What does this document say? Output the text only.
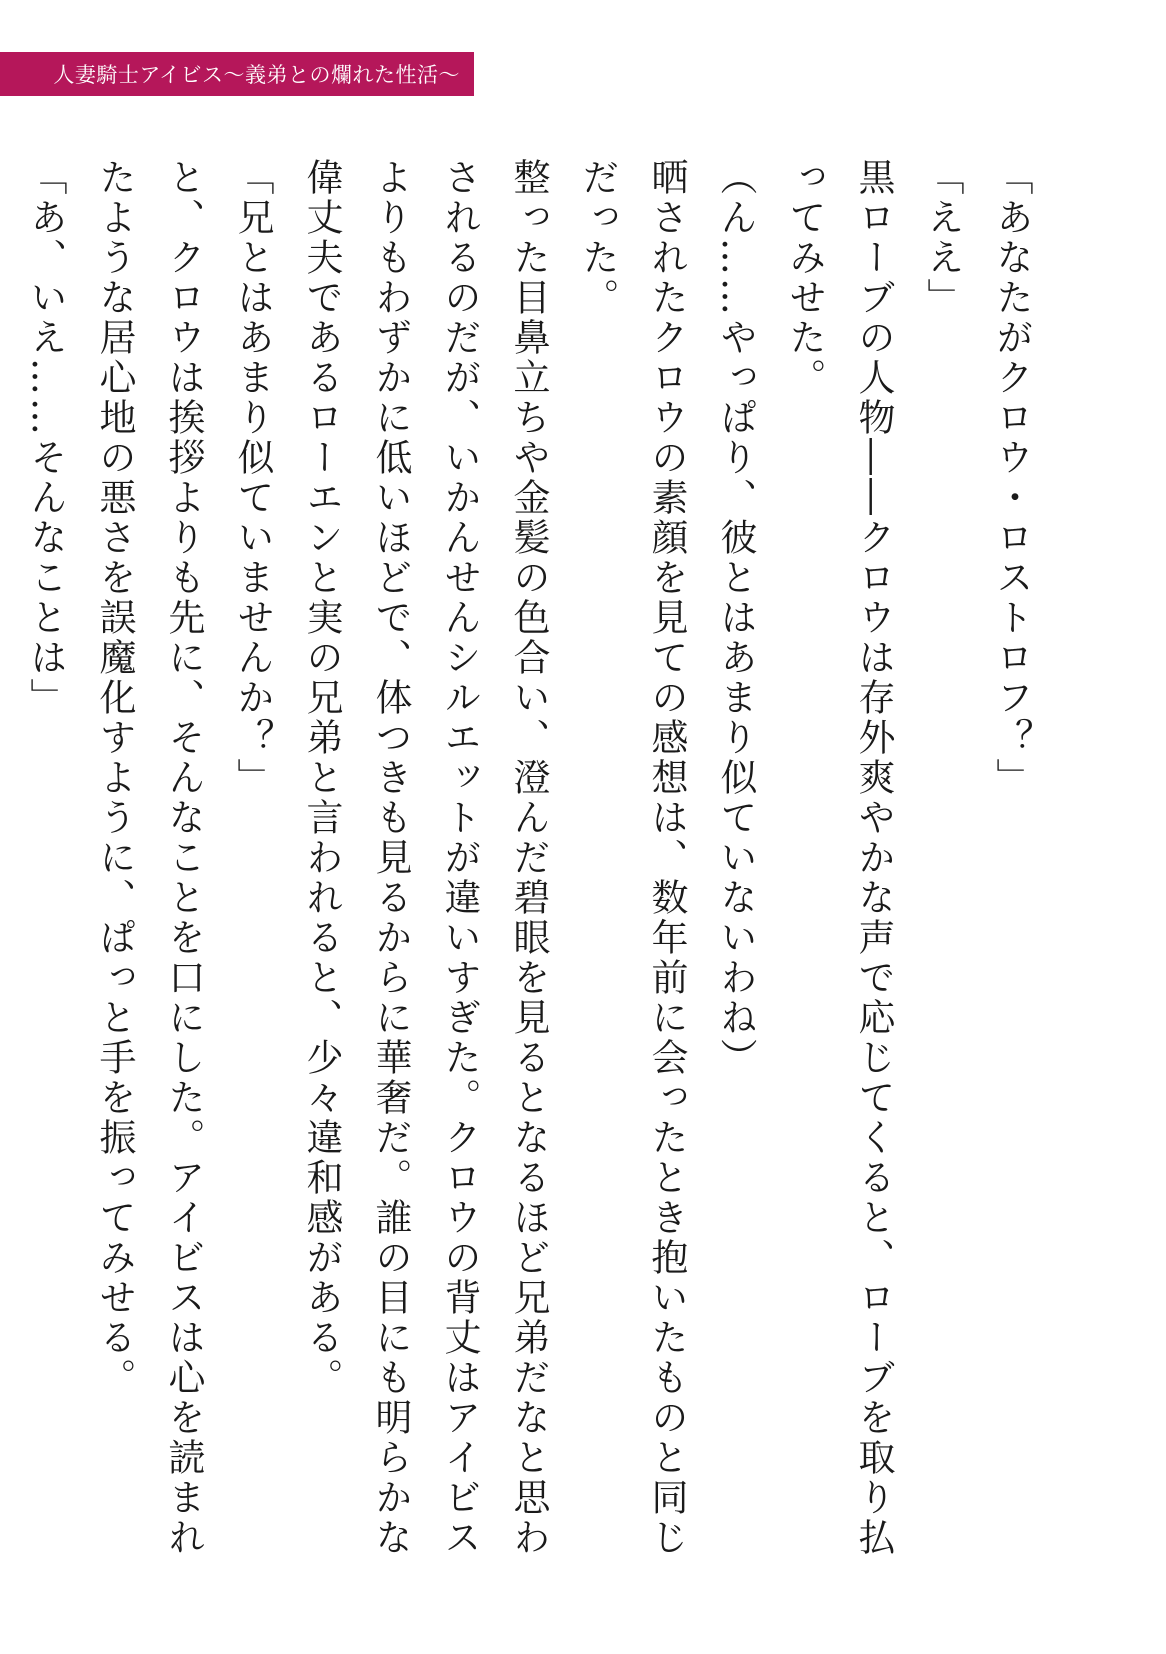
人妻騎士アイビス〜義弟との爛れた性活〜

「あなたがクロウ・ロストロフ？」

「ええ」

黒ローブの人物――クロウは存外爽やかな声で応じてくると、ローブを取り払ってみせた。

（ん……やっぱり、彼とはあまり似ていないわね）

晒されたクロウの素顔を見ての感想は、数年前に会ったとき抱いたものと同じだった。

整った目鼻立ちや金髪の色合い、澄んだ碧眼を見るとなるほど兄弟だなと思わされるのだが、いかんせんシルエットが違いすぎた。クロウの背丈はアイビスよりもわずかに低いほどで、体つきも見るからに華奢だ。誰の目にも明らかな偉丈夫であるローエンと実の兄弟と言われると、少々違和感がある。

「兄とはあまり似ていませんか？」

と、クロウは挨拶よりも先に、そんなことを口にした。アイビスは心を読まれたような居心地の悪さを誤魔化すように、ぱっと手を振ってみせる。

「あ、いえ……そんなことは」
